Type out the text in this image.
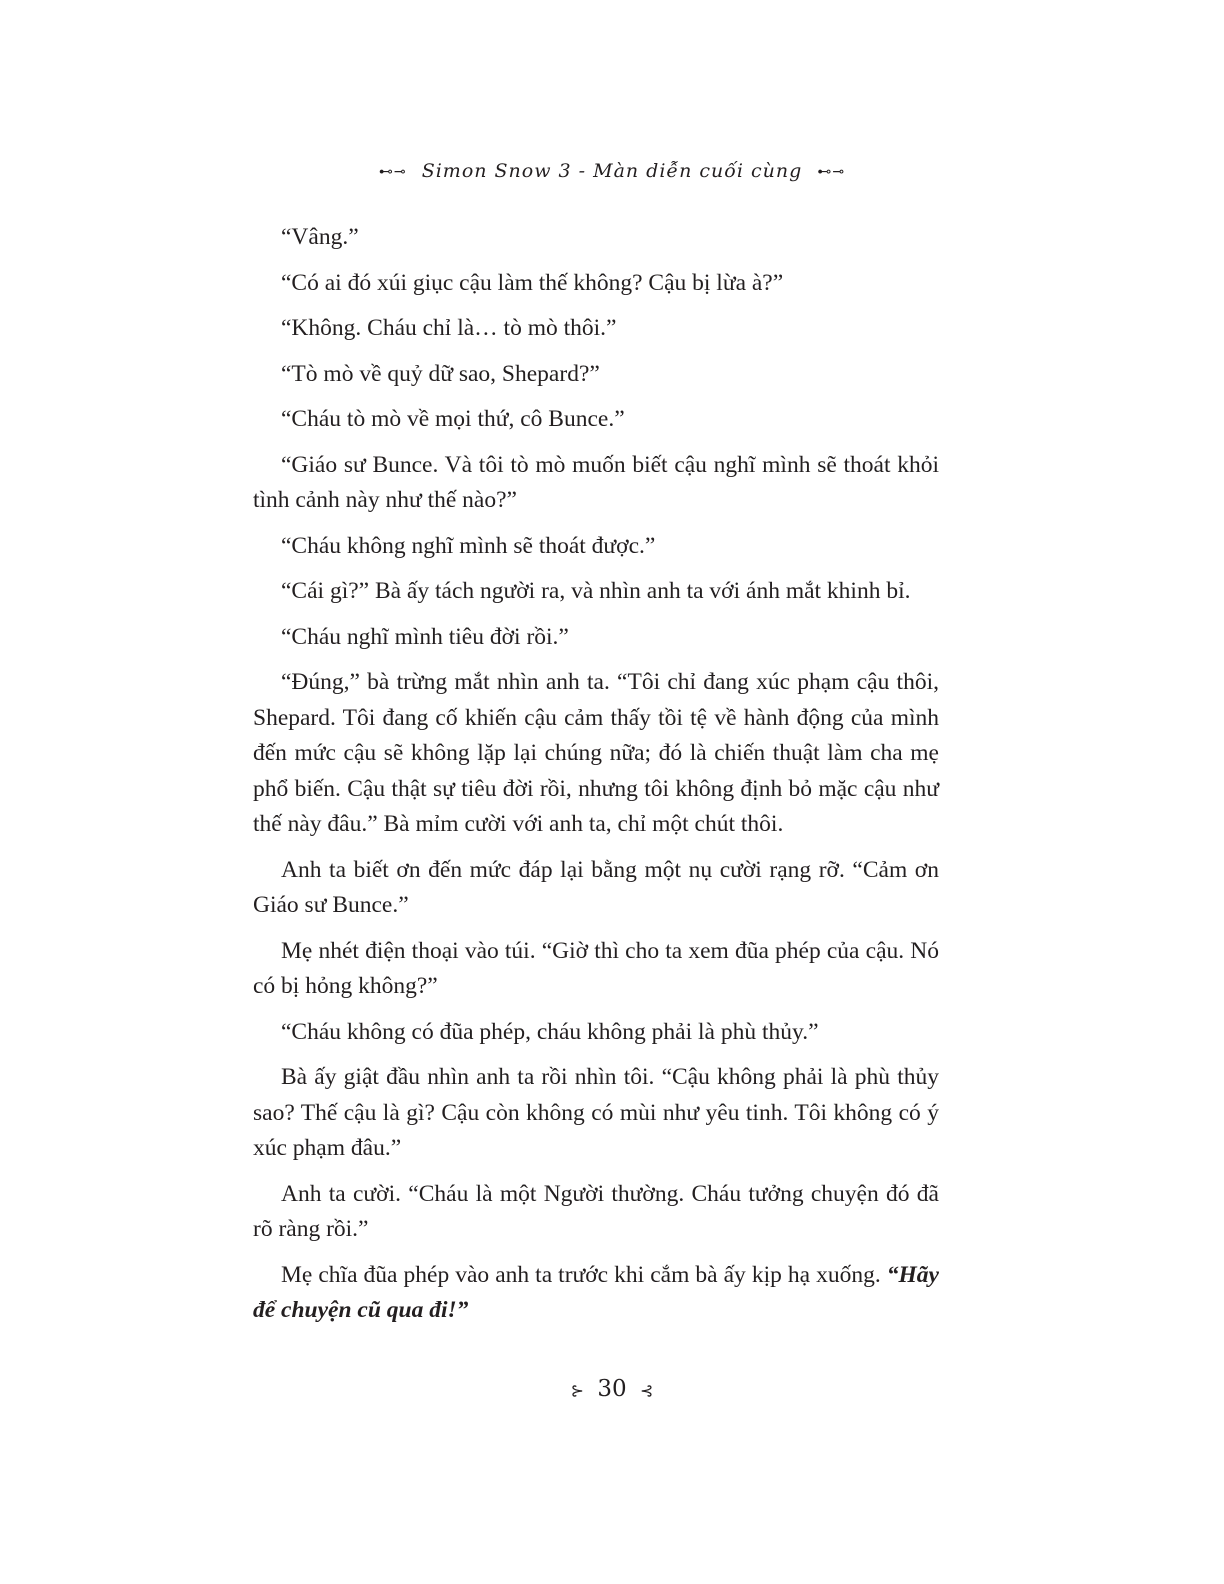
⊷⊸ Simon Snow 3 - Màn diễn cuối cùng ⊷⊸

“Vâng.”

“Có ai đó xúi giục cậu làm thế không? Cậu bị lừa à?”

“Không. Cháu chỉ là… tò mò thôi.”

“Tò mò về quỷ dữ sao, Shepard?”

“Cháu tò mò về mọi thứ, cô Bunce.”

“Giáo sư Bunce. Và tôi tò mò muốn biết cậu nghĩ mình sẽ thoát khỏi tình cảnh này như thế nào?”

“Cháu không nghĩ mình sẽ thoát được.”

“Cái gì?” Bà ấy tách người ra, và nhìn anh ta với ánh mắt khinh bỉ.

“Cháu nghĩ mình tiêu đời rồi.”

“Đúng,” bà trừng mắt nhìn anh ta. “Tôi chỉ đang xúc phạm cậu thôi, Shepard. Tôi đang cố khiến cậu cảm thấy tồi tệ về hành động của mình đến mức cậu sẽ không lặp lại chúng nữa; đó là chiến thuật làm cha mẹ phổ biến. Cậu thật sự tiêu đời rồi, nhưng tôi không định bỏ mặc cậu như thế này đâu.” Bà mỉm cười với anh ta, chỉ một chút thôi.

Anh ta biết ơn đến mức đáp lại bằng một nụ cười rạng rỡ. “Cảm ơn Giáo sư Bunce.”

Mẹ nhét điện thoại vào túi. “Giờ thì cho ta xem đũa phép của cậu. Nó có bị hỏng không?”

“Cháu không có đũa phép, cháu không phải là phù thủy.”

Bà ấy giật đầu nhìn anh ta rồi nhìn tôi. “Cậu không phải là phù thủy sao? Thế cậu là gì? Cậu còn không có mùi như yêu tinh. Tôi không có ý xúc phạm đâu.”

Anh ta cười. “Cháu là một Người thường. Cháu tưởng chuyện đó đã rõ ràng rồi.”

Mẹ chĩa đũa phép vào anh ta trước khi cắm bà ấy kịp hạ xuống. “Hãy để chuyện cũ qua đi!”

⊱ 30 ⊰
